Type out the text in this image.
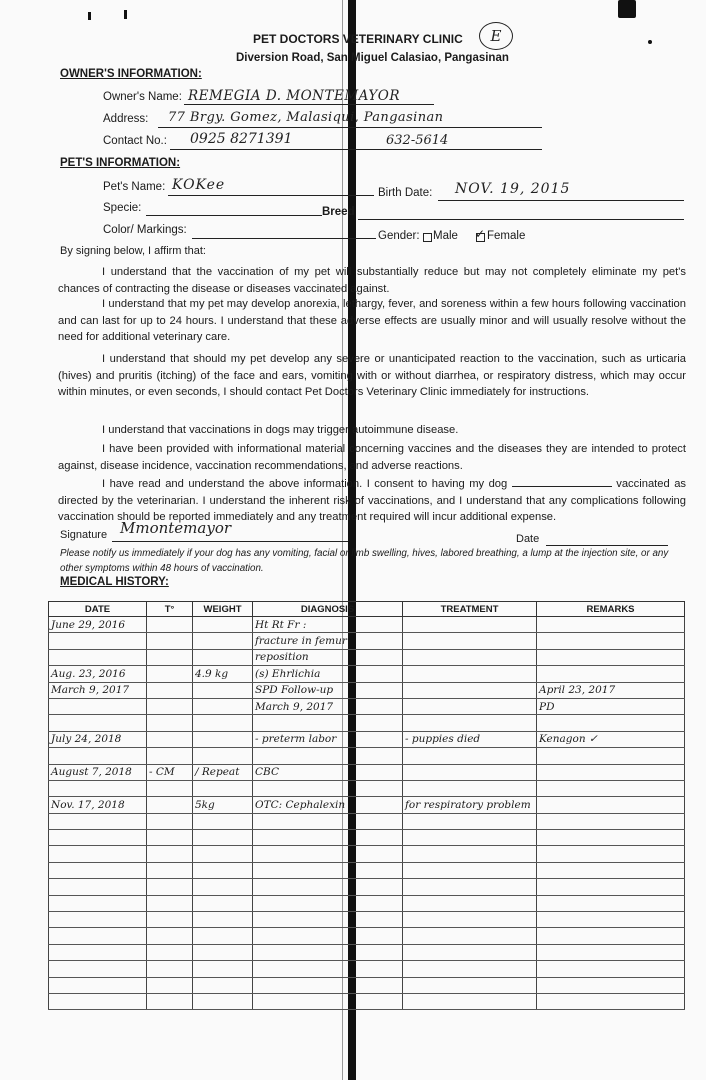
PET DOCTORS VETERINARY CLINIC
Diversion Road, San Miguel Calasiao, Pangasinan
E
OWNER'S INFORMATION:
Owner's Name: REMEGIA D. MONTEMAYOR
Address: 77 Brgy. Gomez, Malasiqui, Pangasinan
Contact No.: 0925 8271391	632-5614
PET'S INFORMATION:
Pet's Name: KOKee	Birth Date: NOV. 19, 2015
Specie:	Breed
Color/ Markings:	Gender: Male ✓ Female
By signing below, I affirm that:
I understand that the vaccination of my pet will substantially reduce but may not completely eliminate my pet's chances of contracting the disease or diseases vaccinated against.
I understand that my pet may develop anorexia, lethargy, fever, and soreness within a few hours following vaccination and can last for up to 24 hours. I understand that these adverse effects are usually minor and will usually resolve without the need for additional veterinary care.
I understand that should my pet develop any severe or unanticipated reaction to the vaccination, such as urticaria (hives) and pruritis (itching) of the face and ears, vomiting with or without diarrhea, or respiratory distress, which may occur within minutes, or even seconds, I should contact Pet Doctors Veterinary Clinic immediately for instructions.
I understand that vaccinations in dogs may trigger autoimmune disease.
I have been provided with informational material concerning vaccines and the diseases they are intended to protect against, disease incidence, vaccination recommendations, and adverse reactions.
I have read and understand the above information. I consent to having my dog	vaccinated as directed by the veterinarian. I understand the inherent risk of vaccinations, and I understand that any complications following vaccination should be reported immediately and any treatment required will incur additional expense.
Signature Mmontemayor
Date
Please notify us immediately if your dog has any vomiting, facial or limb swelling, hives, labored breathing, a lump at the injection site, or any other symptoms within 48 hours of vaccination.
MEDICAL HISTORY:
DATE	T°	WEIGHT	DIAGNOSIS	TREATMENT	REMARKS
June 29, 2016			Ht Rt Fr :		
			fracture in femur		
			reposition		
Aug. 23, 2016		4.9 kg	(s) Ehrlichia		
March 9, 2017			SPD Follow-up		April 23, 2017
			March 9, 2017		PD

July 24, 2018			- preterm labor	- puppies died	Kenagon ✓

August 7, 2018	- CM	/ Repeat	CBC		

Nov. 17, 2018		5kg	OTC: Cephalexin	for respiratory problem	
